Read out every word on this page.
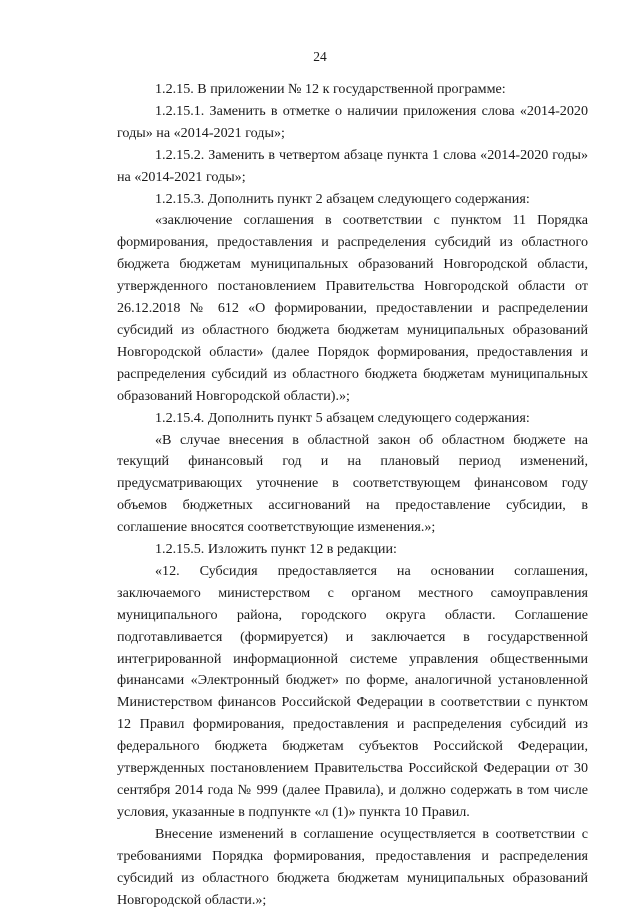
24

1.2.15. В приложении № 12 к государственной программе:

1.2.15.1. Заменить в отметке о наличии приложения слова «2014-2020 годы» на «2014-2021 годы»;

1.2.15.2. Заменить в четвертом абзаце пункта 1 слова «2014-2020 годы» на «2014-2021 годы»;

1.2.15.3. Дополнить пункт 2 абзацем следующего содержания:

«заключение соглашения в соответствии с пунктом 11 Порядка формирования, предоставления и распределения субсидий из областного бюджета бюджетам муниципальных образований Новгородской области, утвержденного постановлением Правительства Новгородской области от 26.12.2018 № 612 «О формировании, предоставлении и распределении субсидий из областного бюджета бюджетам муниципальных образований Новгородской области» (далее Порядок формирования, предоставления и распределения субсидий из областного бюджета бюджетам муниципальных образований Новгородской области).»;

1.2.15.4. Дополнить пункт 5 абзацем следующего содержания:

«В случае внесения в областной закон об областном бюджете на текущий финансовый год и на плановый период изменений, предусматривающих уточнение в соответствующем финансовом году объемов бюджетных ассигнований на предоставление субсидии, в соглашение вносятся соответствующие изменения.»;

1.2.15.5. Изложить пункт 12 в редакции:

«12. Субсидия предоставляется на основании соглашения, заключаемого министерством с органом местного самоуправления муниципального района, городского округа области. Соглашение подготавливается (формируется) и заключается в государственной интегрированной информационной системе управления общественными финансами «Электронный бюджет» по форме, аналогичной установленной Министерством финансов Российской Федерации в соответствии с пунктом 12 Правил формирования, предоставления и распределения субсидий из федерального бюджета бюджетам субъектов Российской Федерации, утвержденных постановлением Правительства Российской Федерации от 30 сентября 2014 года № 999 (далее Правила), и должно содержать в том числе условия, указанные в подпункте «л (1)» пункта 10 Правил.

Внесение изменений в соглашение осуществляется в соответствии с требованиями Порядка формирования, предоставления и распределения субсидий из областного бюджета бюджетам муниципальных образований Новгородской области.»;
